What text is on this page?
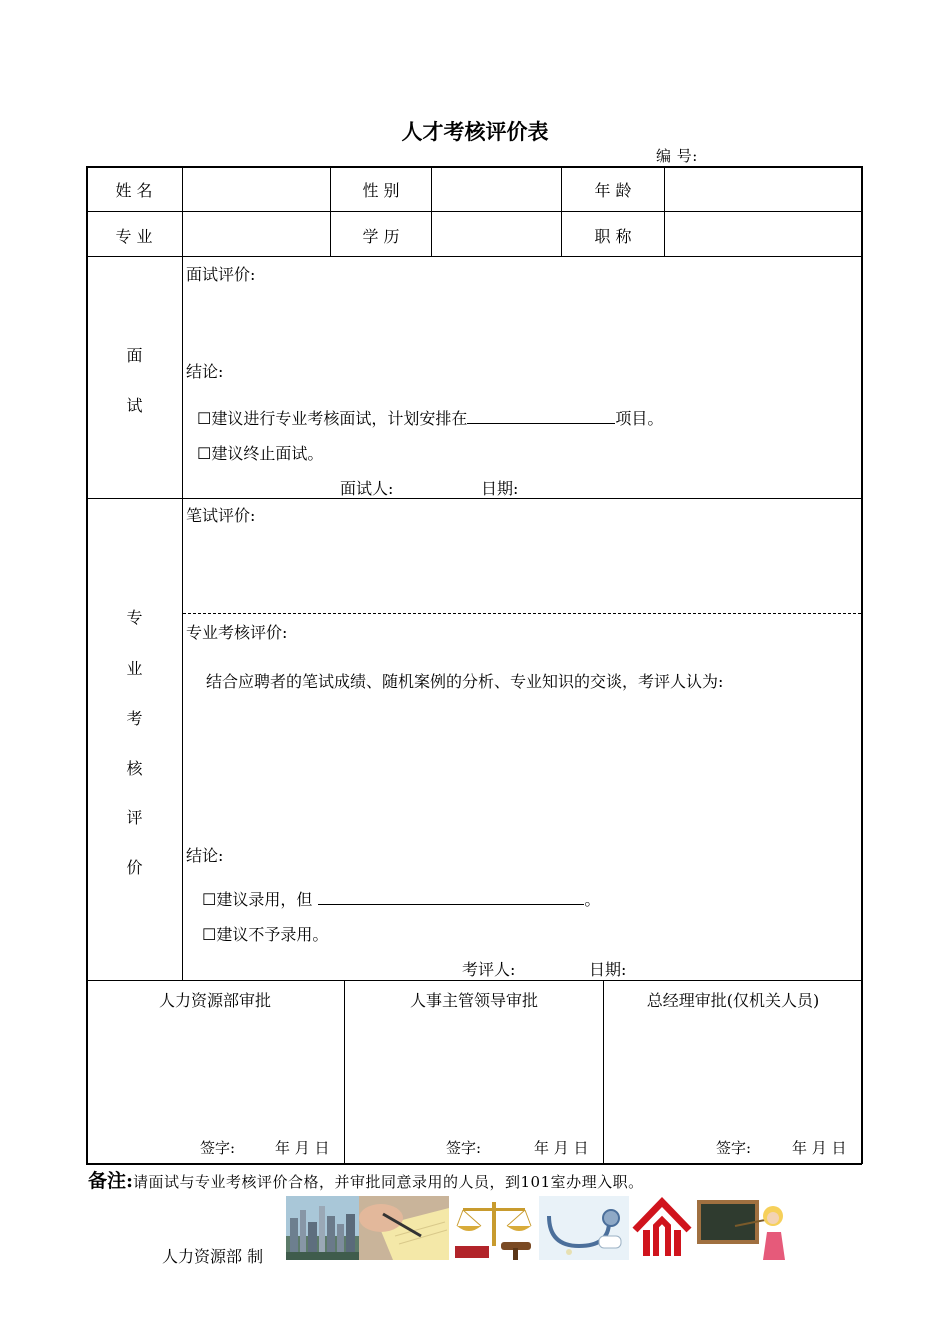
人才考核评价表
编 号:
姓 名	性 别	年 龄
专 业	学 历	职 称
面
试
面试评价:
结论:
☐建议进行专业考核面试，计划安排在	项目。
☐建议终止面试。
面试人:	日期:
专
业
考
核
评
价
笔试评价:
专业考核评价:
结合应聘者的笔试成绩、随机案例的分析、专业知识的交谈，考评人认为:
结论:
☐建议录用，但	。
☐建议不予录用。
考评人:	日期:
人力资源部审批	人事主管领导审批	总经理审批(仅机关人员)
签字:	年 月 日	签字:	年 月 日	签字:	年 月 日
备注:请面试与专业考核评价合格，并审批同意录用的人员，到101室办理入职。
人力资源部 制
